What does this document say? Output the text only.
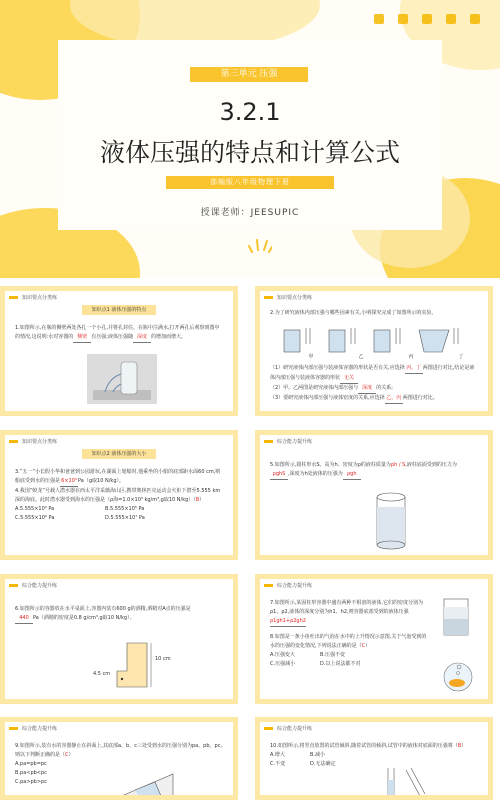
第三单元 压强
3.2.1
液体压强的特点和计算公式
部编版八年级物理下册
授课老师：JEESUPIC
知识要点分类练
知识点1 液体压强的特点
1.如图所示,在瓶的侧壁两处各扎一个小孔,并将孔封住。在瓶中注满水,打开两孔后观察到图中的情况,这说明:水对容器的 侧壁 有压强;液体压强随 深度 的增加而增大。
知识要点分类练
2.为了研究液体内部压强与哪些因素有关,小明探究完成了如图所示的实验。
甲	乙	丙	丁
（1）研究液体内部压强与装液体容器的形状是否有关,应选择丙、丁 两图进行对比,结论是液体内部压强与装液体容器的形状 无关
（2）甲、乙两图是研究液体内部压强与 深度 的关系;
（3）要研究液体内部压强与液体密度的关系,应选择乙、丙 两图进行对比。
知识要点分类练
知识点2 液体压强的大小
3.“五一”小长假小华和爸爸到公园游玩,在湖面上划船时,他乘坐的小船的底部距水面60 cm,则船底受到水的压强是6×10³Pa（g取10 N/kg）。
4.我国“蛟龙”号载人潜水器在西太平洋采薇海山区,携带奥林匹克运动会火炬下潜至5.555 km深的海底。此时潜水器受到海水的压强是（ρ海=1.0×10³ kg/m³,g取10 N/kg）（B）
A.5.555×10⁴ Pa	B.5.555×10⁵ Pa
C.5.555×10⁶ Pa	D.5.555×10⁷ Pa
综合能力提升练
5.如图所示,圆柱形水S、高为h、密度为ρ的液柱质量为ρh / S,液柱底面受到的压力为
ρghS ,深度为h处液体的压强为 ρgh
综合能力提升练
6.如图所示的容器放在水平桌面上,容器内装有600 g的酒精,酒精对A点的压强是
440 Pa（酒精的密度是0.8 g/cm³,g取10 N/kg）。
10 cm
4.5 cm
综合能力提升练
7.如图所示,某固柱形容器中盛有两种不相溶的液体,它们的密度分别为ρ1、ρ2,液体的深度分别为h1、h2,则容器底部受到的液体压强ρ1gh1+ρ2gh2
8.如图是一条小鱼吐出的气泡在水中的上升情况示意图,关于气泡受到的水的压强的变化情况,下列说法正确的是（C）
A.压强变大	B.压强不变
C.压强减小	D.以上说法都不对
综合能力提升练
9.如图所示,装有水的容器静止在斜面上,其底部a、b、c三处受到水的压强分别为pa、pb、pc,则以下判断正确的是（C）
A.pa=pb=pc
B.pa<pb<pc
C.pa>pb>pc
综合能力提升练
10.如图所示,将竖直放置的试管倾斜,随着试管的倾斜,试管中的液体对底面的压强将（B）
A.增大	B.减小
C.不变	D.无法确定
